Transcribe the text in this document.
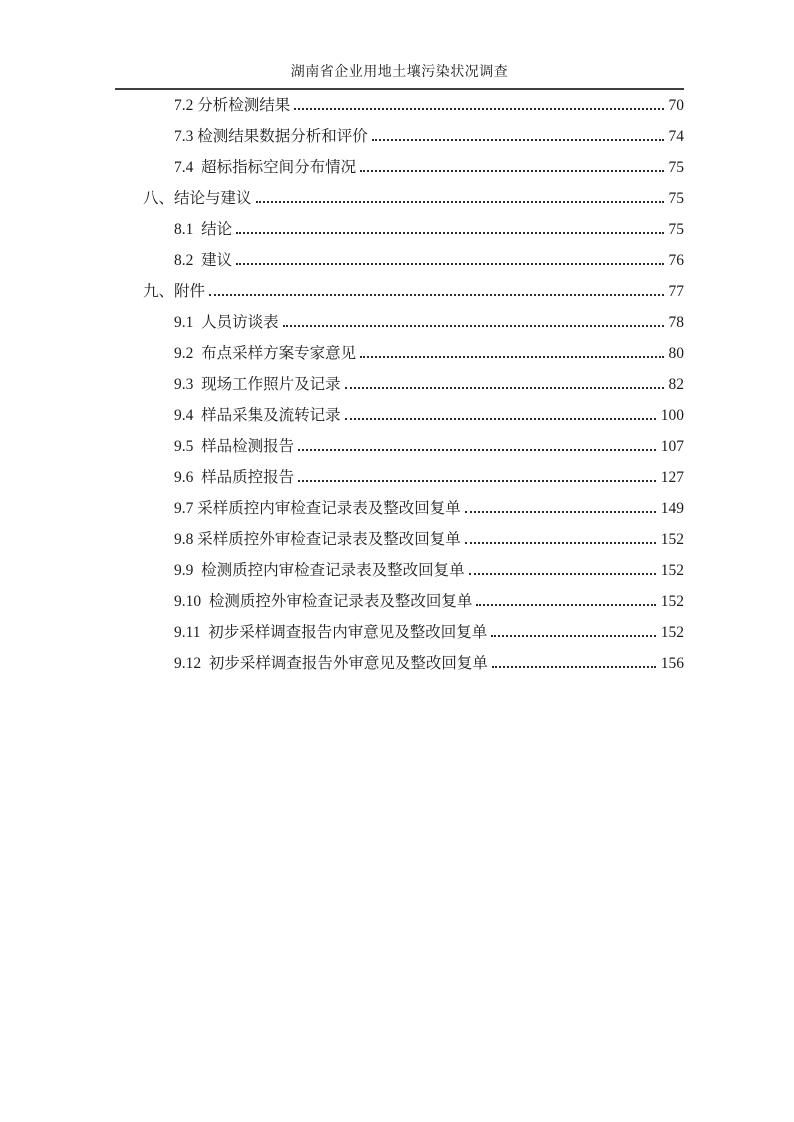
湖南省企业用地土壤污染状况调查
7.2 分析检测结果	70
7.3 检测结果数据分析和评价	74
7.4  超标指标空间分布情况	75
八、结论与建议	75
8.1  结论	75
8.2  建议	76
九、附件	77
9.1  人员访谈表	78
9.2  布点采样方案专家意见	80
9.3  现场工作照片及记录	82
9.4  样品采集及流转记录	100
9.5  样品检测报告	107
9.6  样品质控报告	127
9.7 采样质控内审检查记录表及整改回复单	149
9.8 采样质控外审检查记录表及整改回复单	152
9.9  检测质控内审检查记录表及整改回复单	152
9.10  检测质控外审检查记录表及整改回复单	152
9.11  初步采样调查报告内审意见及整改回复单	152
9.12  初步采样调查报告外审意见及整改回复单	156
